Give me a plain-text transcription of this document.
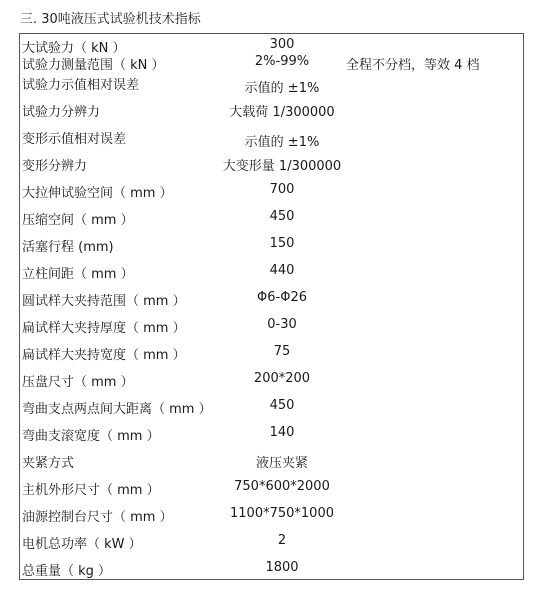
三. 30吨液压式试验机技术指标
大试验力（ kN ）	300
试验力测量范围（ kN ）	2%-99%	全程不分档，等效 4 档
试验力示值相对误差	示值的 ±1%
试验力分辨力	大载荷 1/300000
变形示值相对误差	示值的 ±1%
变形分辨力	大变形量 1/300000
大拉伸试验空间（ mm ）	700
压缩空间（ mm ）	450
活塞行程 (mm)	150
立柱间距（ mm ）	440
圆试样大夹持范围（ mm ）	Φ6-Φ26
扁试样大夹持厚度（ mm ）	0-30
扁试样大夹持宽度（ mm ）	75
压盘尺寸（ mm ）	200*200
弯曲支点两点间大距离（ mm ）	450
弯曲支滚宽度（ mm ）	140
夹紧方式	液压夹紧
主机外形尺寸（ mm ）	750*600*2000
油源控制台尺寸（ mm ）	1100*750*1000
电机总功率（ kW ）	2
总重量（ kg ）	1800
